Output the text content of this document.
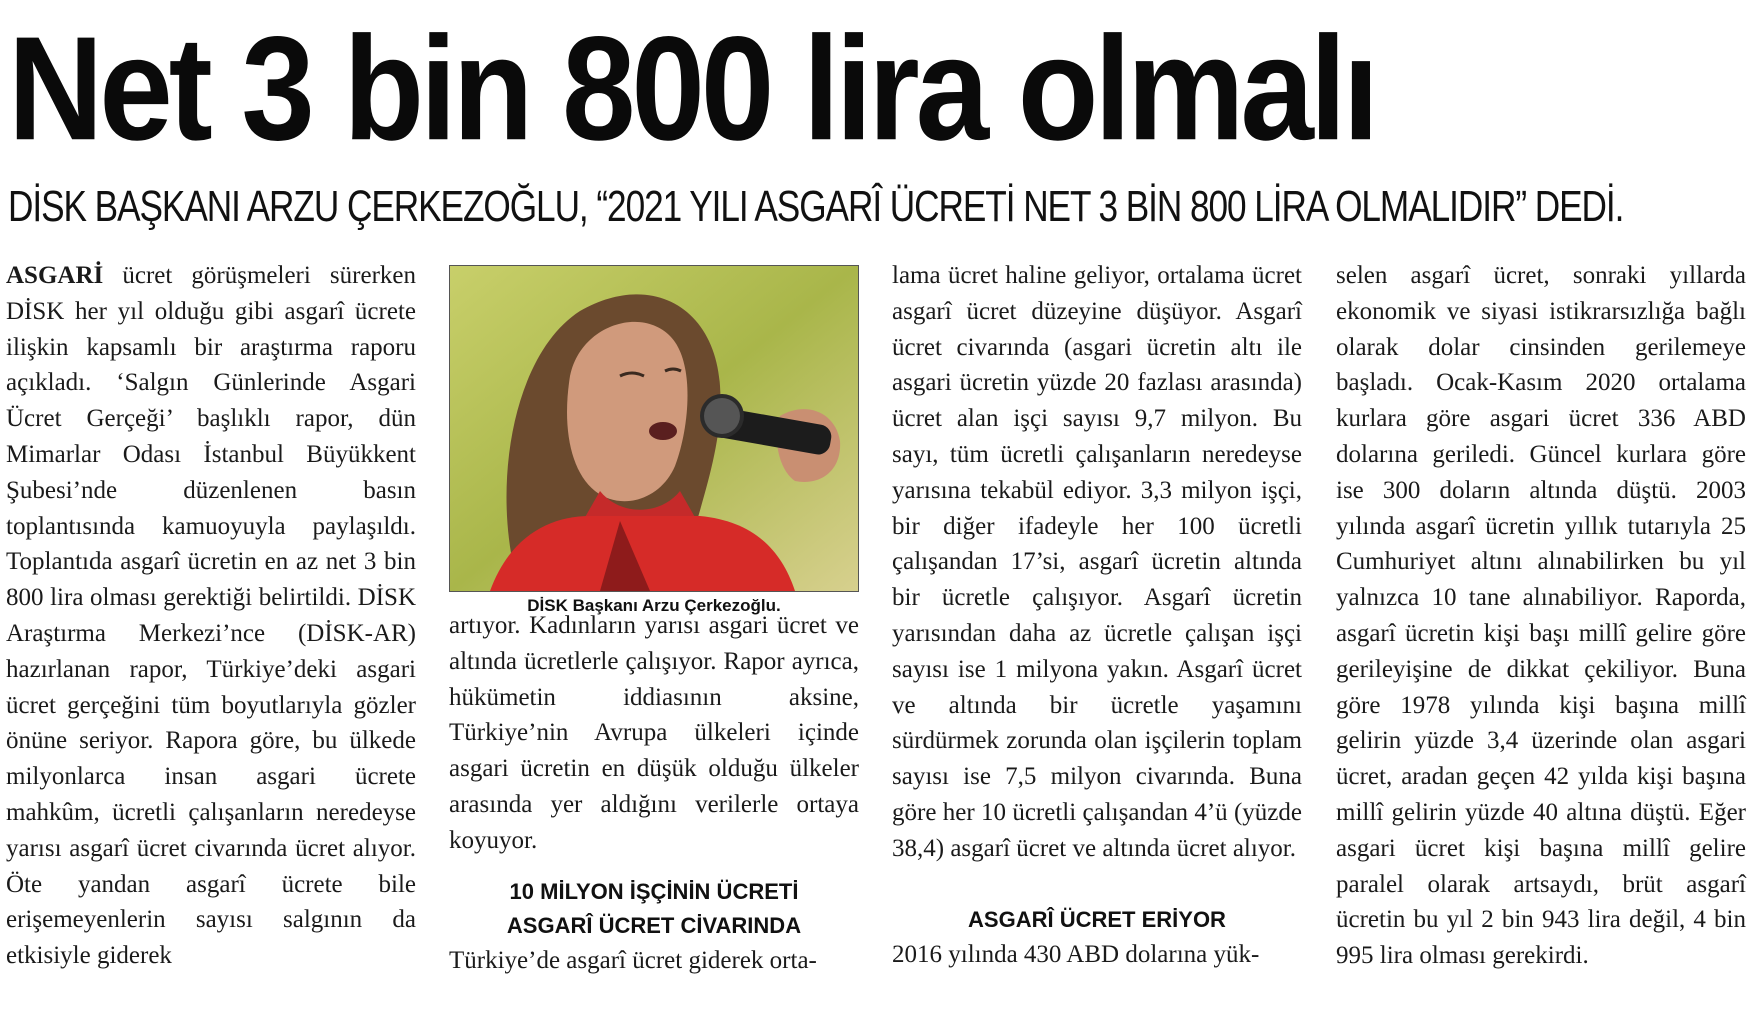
Net 3 bin 800 lira olmalı
DİSK BAŞKANI ARZU ÇERKEZOĞLU, “2021 YILI ASGARÎ ÜCRETİ NET 3 BİN 800 LİRA OLMALIDIR” DEDİ.

ASGARİ ücret görüşmeleri sürerken DİSK her yıl olduğu gibi asgarî ücrete ilişkin kapsamlı bir araştırma raporu açıkladı. ‘Salgın Günlerinde Asgari Ücret Gerçeği’ başlıklı rapor, dün Mimarlar Odası İstanbul Büyükkent Şubesi’nde düzenlenen basın toplantısında kamuoyuyla paylaşıldı. Toplantıda asgarî ücretin en az net 3 bin 800 lira olması gerektiği belirtildi. DİSK Araştırma Merkezi’nce (DİSK-AR) hazırlanan rapor, Türkiye’deki asgari ücret gerçeğini tüm boyutlarıyla gözler önüne seriyor. Rapora göre, bu ülkede milyonlarca insan asgari ücrete mahkûm, ücretli çalışanların neredeyse yarısı asgarî ücret civarında ücret alıyor. Öte yandan asgarî ücrete bile erişemeyenlerin sayısı salgının da etkisiyle giderek

DİSK Başkanı Arzu Çerkezoğlu.

artıyor. Kadınların yarısı asgari ücret ve altında ücretlerle çalışıyor. Rapor ayrıca, hükümetin iddiasının aksine, Türkiye’nin Avrupa ülkeleri içinde asgari ücretin en düşük olduğu ülkeler arasında yer aldığını verilerle ortaya koyuyor.

10 MİLYON İŞÇİNİN ÜCRETİ
ASGARÎ ÜCRET CİVARINDA

Türkiye’de asgarî ücret giderek orta-

lama ücret haline geliyor, ortalama ücret asgarî ücret düzeyine düşüyor. Asgarî ücret civarında (asgari ücretin altı ile asgari ücretin yüzde 20 fazlası arasında) ücret alan işçi sayısı 9,7 milyon. Bu sayı, tüm ücretli çalışanların neredeyse yarısına tekabül ediyor. 3,3 milyon işçi, bir diğer ifadeyle her 100 ücretli çalışandan 17’si, asgarî ücretin altında bir ücretle çalışıyor. Asgarî ücretin yarısından daha az ücretle çalışan işçi sayısı ise 1 milyona yakın. Asgarî ücret ve altında bir ücretle yaşamını sürdürmek zorunda olan işçilerin toplam sayısı ise 7,5 milyon civarında. Buna göre her 10 ücretli çalışandan 4’ü (yüzde 38,4) asgarî ücret ve altında ücret alıyor.

ASGARÎ ÜCRET ERİYOR

2016 yılında 430 ABD dolarına yük-

selen asgarî ücret, sonraki yıllarda ekonomik ve siyasi istikrarsızlığa bağlı olarak dolar cinsinden gerilemeye başladı. Ocak-Kasım 2020 ortalama kurlara göre asgari ücret 336 ABD dolarına geriledi. Güncel kurlara göre ise 300 doların altında düştü. 2003 yılında asgarî ücretin yıllık tutarıyla 25 Cumhuriyet altını alınabilirken bu yıl yalnızca 10 tane alınabiliyor. Raporda, asgarî ücretin kişi başı millî gelire göre gerileyişine de dikkat çekiliyor. Buna göre 1978 yılında kişi başına millî gelirin yüzde 3,4 üzerinde olan asgari ücret, aradan geçen 42 yılda kişi başına millî gelirin yüzde 40 altına düştü. Eğer asgari ücret kişi başına millî gelire paralel olarak artsaydı, brüt asgarî ücretin bu yıl 2 bin 943 lira değil, 4 bin 995 lira olması gerekirdi.
